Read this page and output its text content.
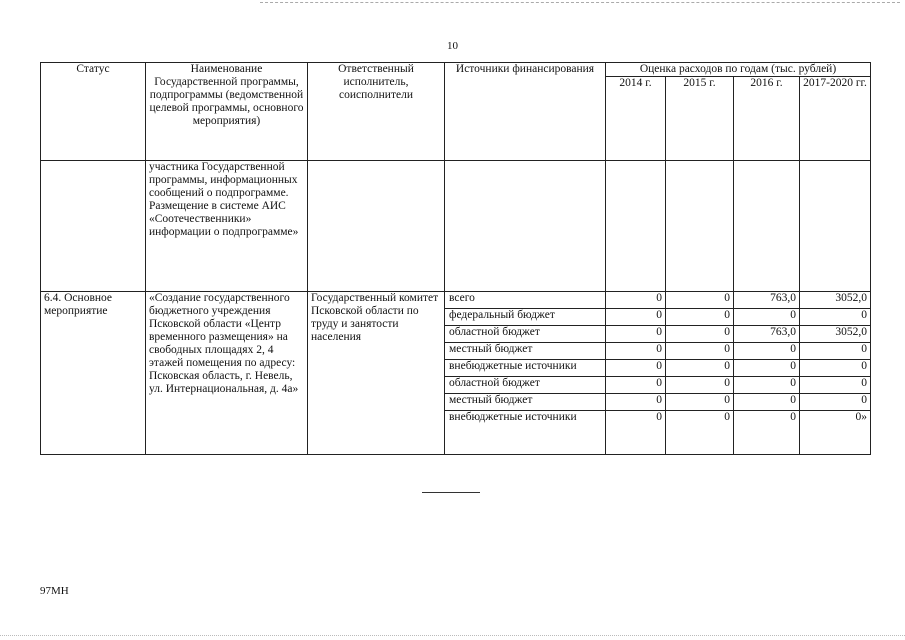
10
Статус	Наименование Государственной программы, подпрограммы (ведомственной целевой программы, основного мероприятия)	Ответственный исполнитель, соисполнители	Источники финансирования	Оценка расходов по годам (тыс. рублей)			
				2014 г.	2015 г.	2016 г.	2017-2020 гг.
	участника Государственной программы, информационных сообщений о подпрограмме. Размещение в системе АИС «Соотечественники» информации о подпрограмме»						
6.4. Основное мероприятие	«Создание государственного бюджетного учреждения Псковской области «Центр временного размещения» на свободных площадях 2, 4 этажей помещения по адресу: Псковская область, г. Невель, ул. Интернациональная, д. 4а»	Государственный комитет Псковской области по труду и занятости населения	всего	0	0	763,0	3052,0
			федеральный бюджет	0	0	0	0
			областной бюджет	0	0	763,0	3052,0
			местный бюджет	0	0	0	0
			внебюджетные источники	0	0	0	0
			областной бюджет	0	0	0	0
			местный бюджет	0	0	0	0
			внебюджетные источники	0	0	0	0»
97МН
